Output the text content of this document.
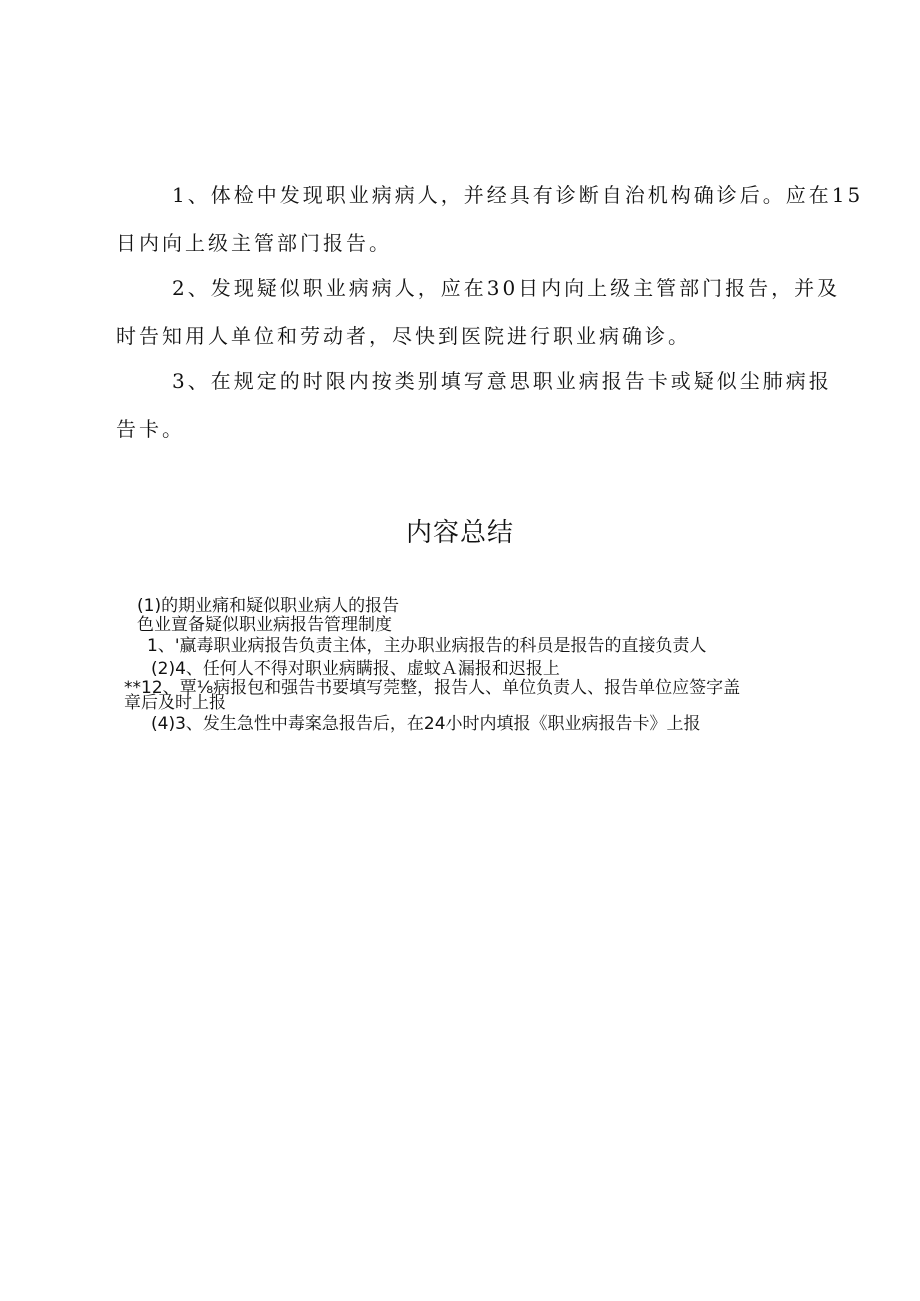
1、体检中发现职业病病人，并经具有诊断自治机构确诊后。应在15
日内向上级主管部门报告。
2、发现疑似职业病病人，应在30日内向上级主管部门报告，并及
时告知用人单位和劳动者，尽快到医院进行职业病确诊。
3、在规定的时限内按类别填写意思职业病报告卡或疑似尘肺病报
告卡。
内容总结

(1)的期业痛和疑似职业病人的报告

色业亶备疑似职业病报告管理制度

1、'赢毒职业病报告负责主体，主办职业病报告的科员是报告的直接负责人

(2)4、任何人不得对职业病瞒报、虚蚊Ａ漏报和迟报上

**12、覃⅛病报包和强告书要填写莞整，报告人、单位负责人、报告单位应签字盖

章后及时上报

(4)3、发生急性中毒案急报告后，在24小时内填报《职业病报告卡》上报
